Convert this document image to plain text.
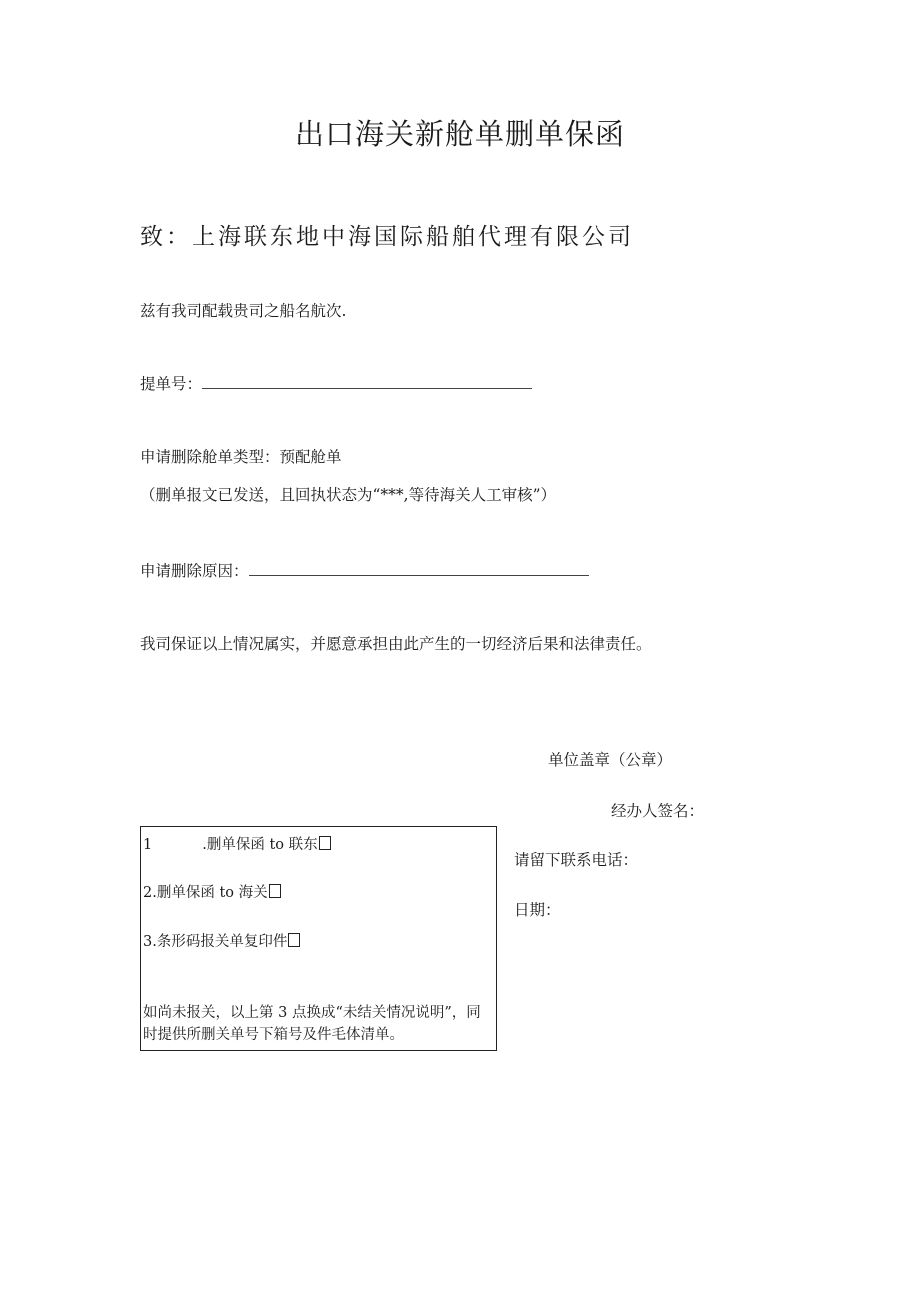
出口海关新舱单删单保函
致：上海联东地中海国际船舶代理有限公司
兹有我司配载贵司之船名航次.
提单号：
申请删除舱单类型：预配舱单
（删单报文已发送，且回执状态为“***,等待海关人工审核”）
申请删除原因：
我司保证以上情况属实，并愿意承担由此产生的一切经济后果和法律责任。
单位盖章（公章）
经办人签名：
请留下联系电话：
日期：
1	.删单保函 to 联东
2.删单保函 to 海关
3.条形码报关单复印件
如尚未报关，以上第 3 点换成“未结关情况说明”，同时提供所删关单号下箱号及件毛体清单。
